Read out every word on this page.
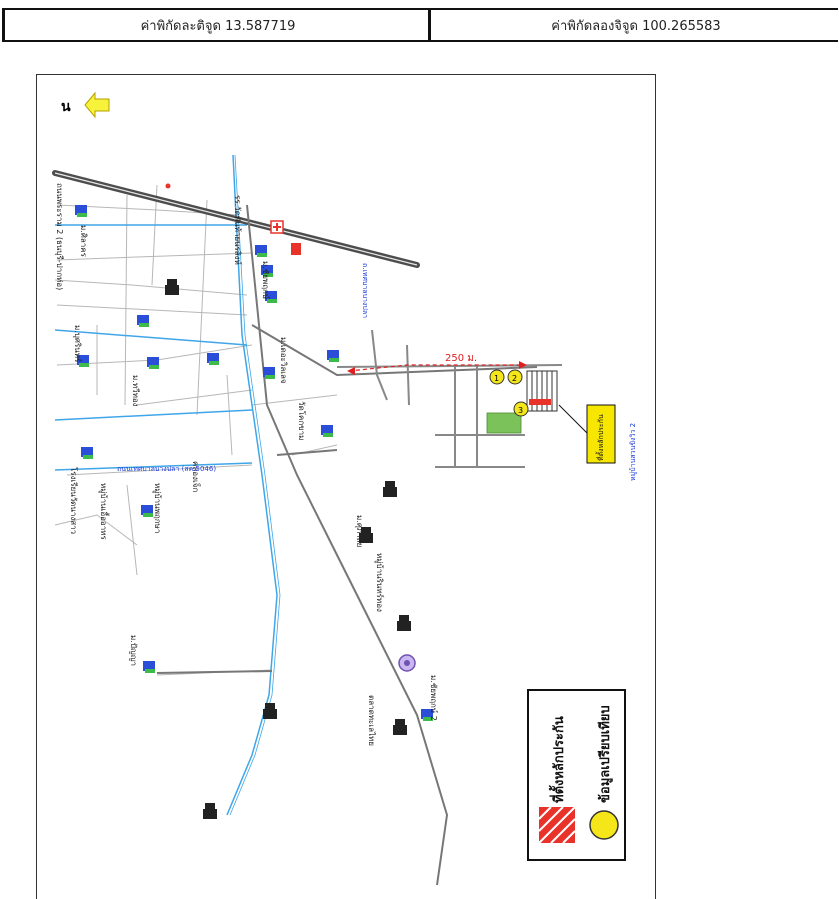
ค่าพิกัดละติจูด 13.587719	ค่าพิกัดลองจิจูด 100.265583
น
250 ม.
1 2
3
ที่ตั้งหลักประกัน	หมู่บ้านสวนขิงวิว 2
ถนนพระราม 2 (ธนบุรี-ปากท่อ) ม.ศิลาคร	รร.วัดพันท้ายนรสิงห์
ม.ชัยพฤกษ์	ถ.เทศบาลบางปลา
โรงเรียนวัดนางสาว	หมู่บ้านเอื้ออาทร
วัดโคกขาม
หมู่บ้านพฤกษา
คลองเจ็ก
ถนนเทศบาลบางปลา (สค.5046)
ม.บุศรินทร์	ม.เดอะวิลเลจ
ม.ทวีทอง
ม.ศุภาลัย
หมู่บ้านรินทร์ทอง
ม.ปัญญา
ตลาดทะเลไทย	ม.ชัยพฤกษ์ 2
ที่ตั้งหลักประกัน ข้อมูลเปรียบเทียบ
